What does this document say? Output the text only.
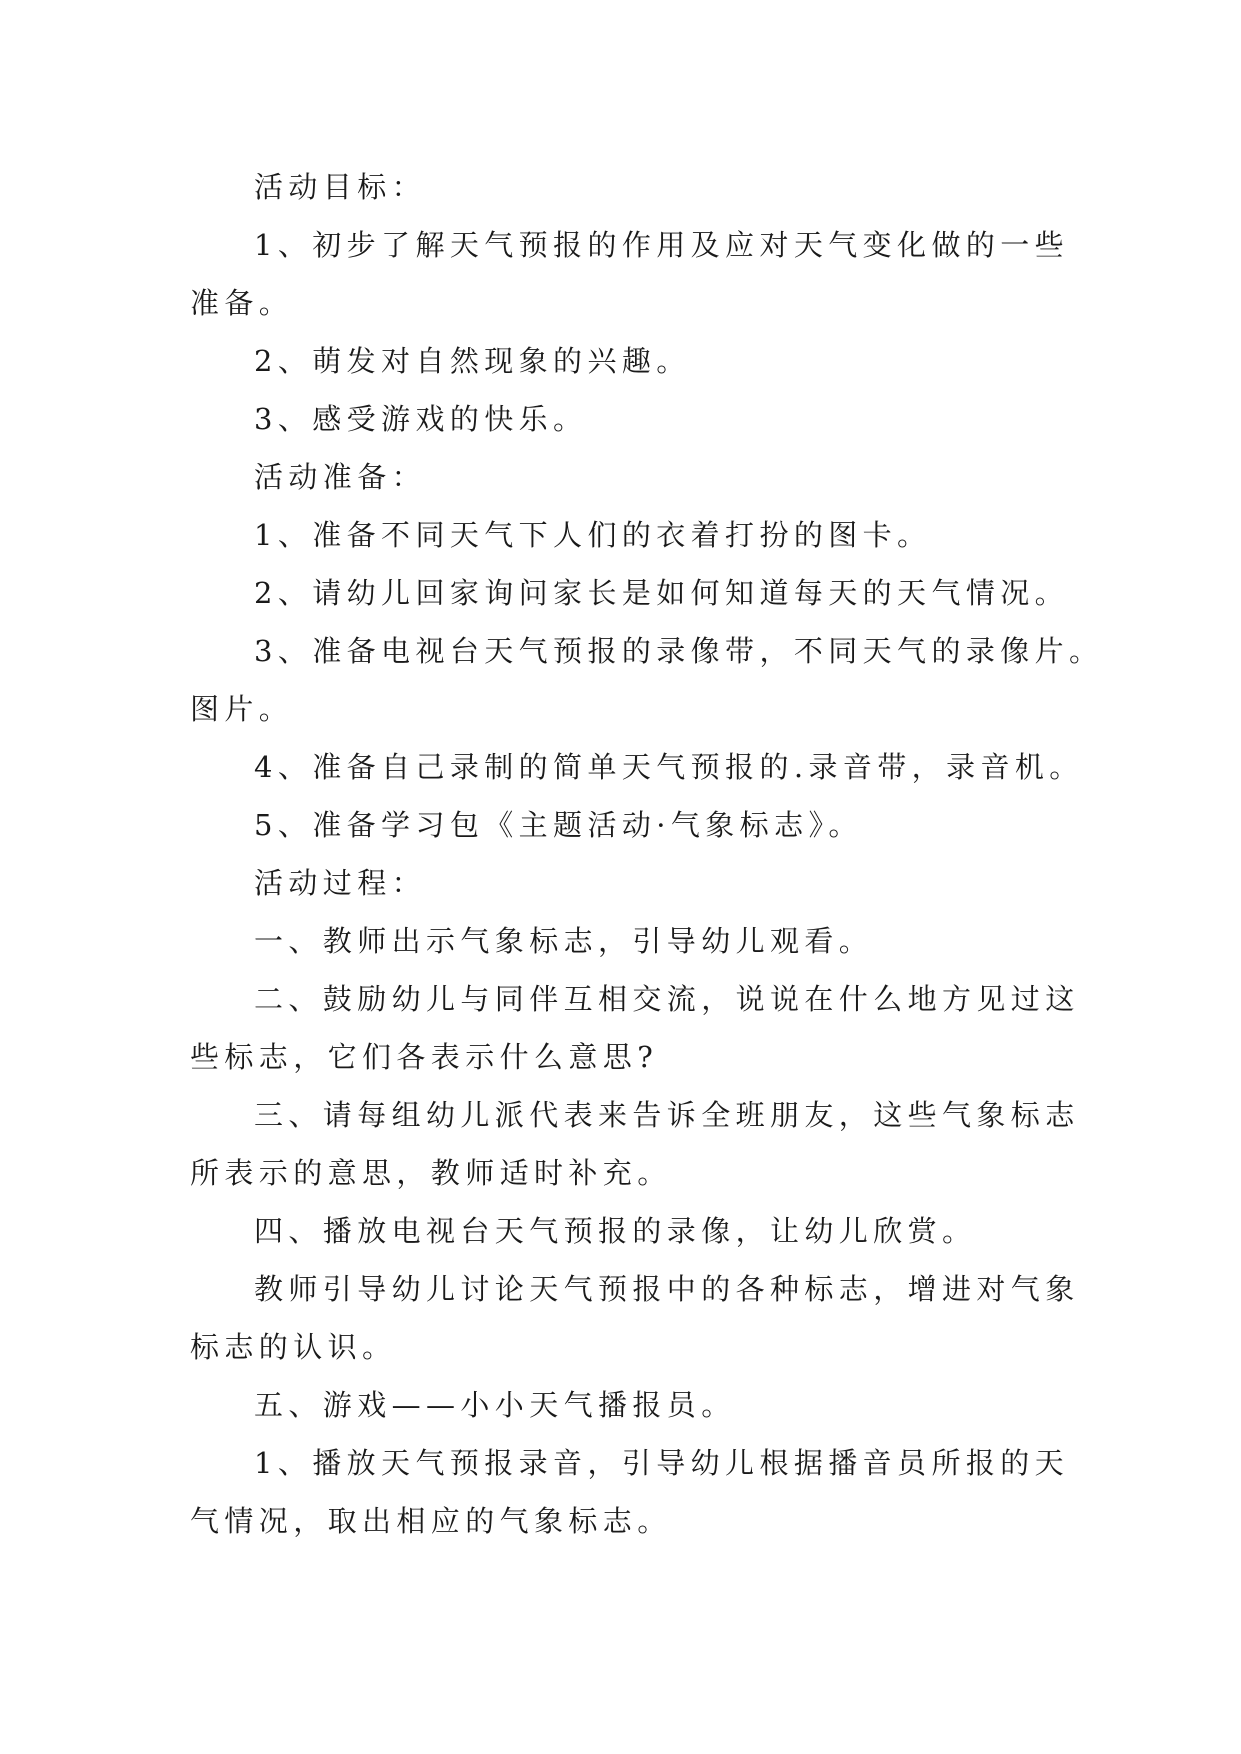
活动目标：
1、初步了解天气预报的作用及应对天气变化做的一些
准备。
2、萌发对自然现象的兴趣。
3、感受游戏的快乐。
活动准备：
1、准备不同天气下人们的衣着打扮的图卡。
2、请幼儿回家询问家长是如何知道每天的天气情况。
3、准备电视台天气预报的录像带，不同天气的录像片。
图片。
4、准备自己录制的简单天气预报的.录音带，录音机。
5、准备学习包《主题活动·气象标志》。
活动过程：
一、教师出示气象标志，引导幼儿观看。
二、鼓励幼儿与同伴互相交流，说说在什么地方见过这
些标志，它们各表示什么意思?
三、请每组幼儿派代表来告诉全班朋友，这些气象标志
所表示的意思，教师适时补充。
四、播放电视台天气预报的录像，让幼儿欣赏。
教师引导幼儿讨论天气预报中的各种标志，增进对气象
标志的认识。
五、游戏——小小天气播报员。
1、播放天气预报录音，引导幼儿根据播音员所报的天
气情况，取出相应的气象标志。
